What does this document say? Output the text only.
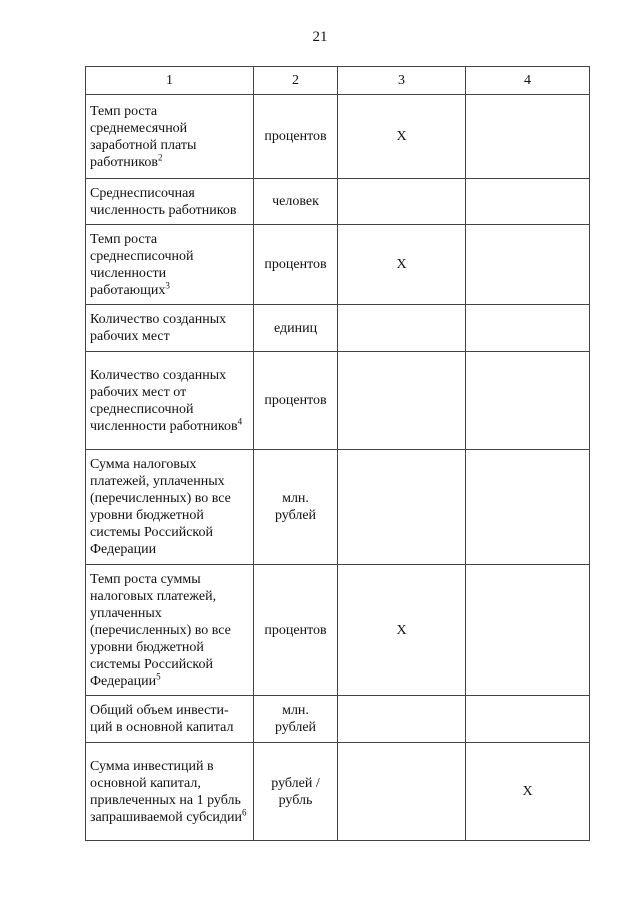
21
1	2	3	4
Темп роста среднемесячной заработной платы работников$^2$	процентов	X	
Среднесписочная численность работников	человек		
Темп роста среднесписочной численности работающих$^3$	процентов	X	
Количество созданных рабочих мест	единиц		
Количество созданных рабочих мест от среднесписочной численности работников$^4$	процентов		
Сумма налоговых платежей, уплаченных (перечисленных) во все уровни бюджетной системы Российской Федерации	млн. рублей		
Темп роста суммы налоговых платежей, уплаченных (перечисленных) во все уровни бюджетной системы Российской Федерации$^5$	процентов	X	
Общий объем инвести-ций в основной капитал	млн. рублей		
Сумма инвестиций в основной капитал, привлеченных на 1 рубль запрашиваемой субсидии$^6$	рублей / рубль		X
